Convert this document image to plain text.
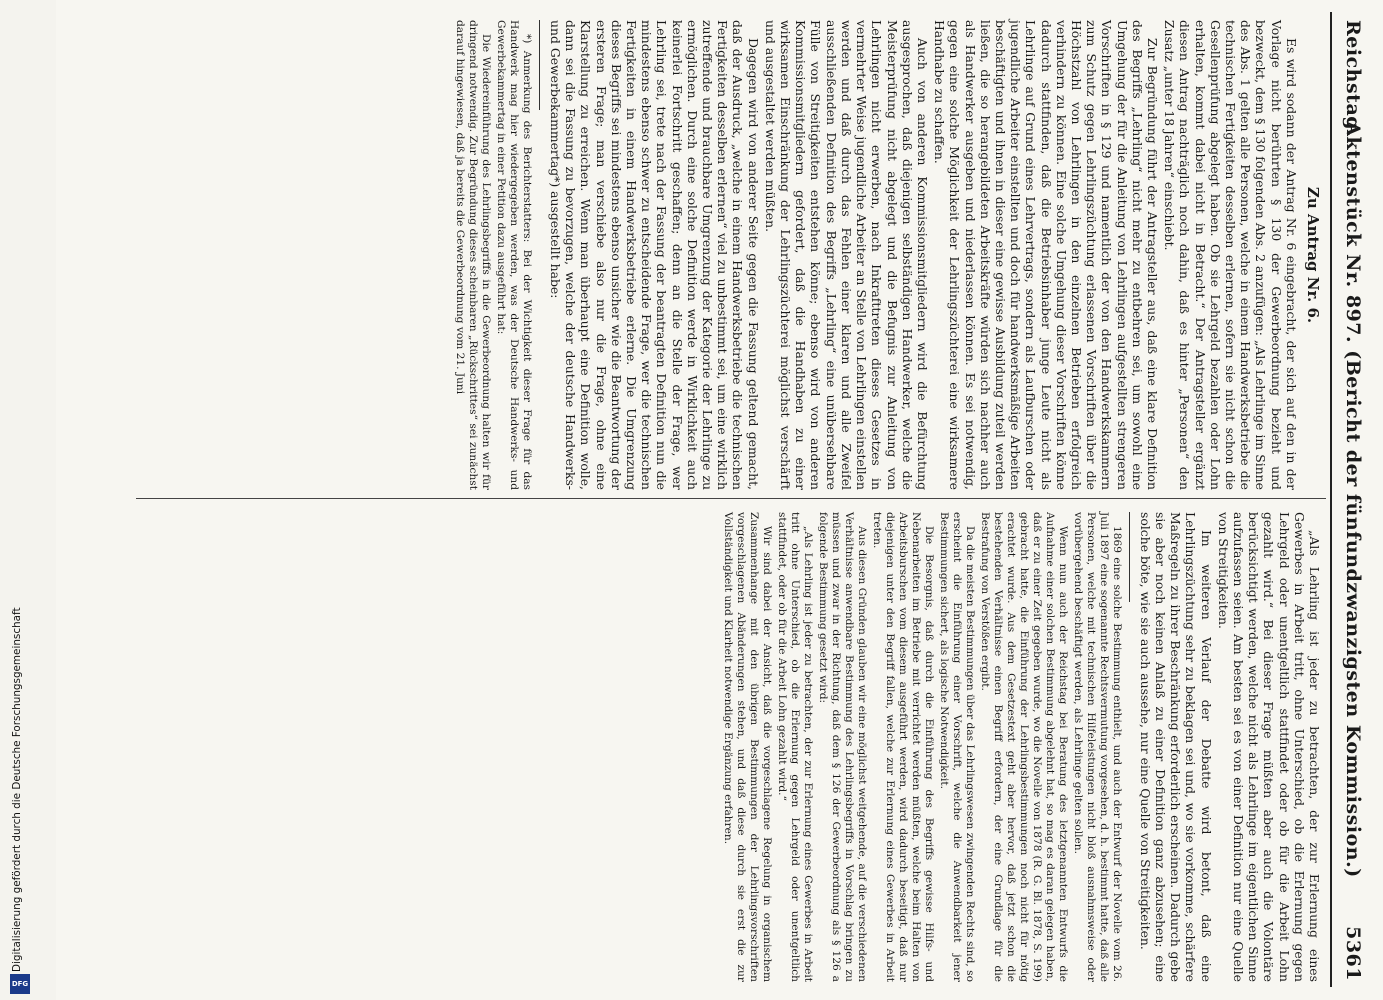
Digitalisierung gefördert durch die Deutsche Forschungsgemeinschaft
DFG
Reichstag.
Aktenstück Nr. 897. (Bericht der fünfundzwanzigsten Kommission.)
5361
Zu Antrag Nr. 6.

Es wird sodann der Antrag Nr. 6 eingebracht, der sich auf den in der Vorlage nicht berührten § 130 der Gewerbeordnung bezieht und bezweckt, dem § 130 folgenden Abs. 2 anzufügen: „Als Lehrlinge im Sinne des Abs. 1 gelten alle Personen, welche in einem Handwerksbetriebe die technischen Fertigkeiten desselben erlernen, sofern sie nicht schon die Gesellenprüfung abgelegt haben. Ob sie Lehrgeld bezahlen oder Lohn erhalten, kommt dabei nicht in Betracht.“ Der Antragsteller ergänzt diesen Antrag nachträglich noch dahin, daß es hinter „Personen“ den Zusatz „unter 18 Jahren“ einschiebt.

Zur Begründung führt der Antragsteller aus, daß eine klare Definition des Begriffs „Lehrling“ nicht mehr zu entbehren sei, um sowohl eine Umgehung der für die Anleitung von Lehrlingen aufgestellten strengeren Vorschriften in § 129 und namentlich der von den Handwerkskammern zum Schutz gegen Lehrlingszüchtung erlassenen Vorschriften über die Höchstzahl von Lehrlingen in den einzelnen Betrieben erfolgreich verhindern zu können. Eine solche Umgehung dieser Vorschriften könne dadurch stattfinden, daß die Betriebsinhaber junge Leute nicht als Lehrlinge auf Grund eines Lehrvertrags, sondern als Laufburschen oder jugendliche Arbeiter einstellten und doch für handwerksmäßige Arbeiten beschäftigten und ihnen in dieser eine gewisse Ausbildung zuteil werden ließen, die so herangebildeten Arbeitskräfte würden sich nachher auch als Handwerker ausgeben und niederlassen können. Es sei notwendig, gegen eine solche Möglichkeit der Lehrlingszüchterei eine wirksamere Handhabe zu schaffen.

Auch von anderen Kommissionsmitgliedern wird die Befürchtung ausgesprochen, daß diejenigen selbständigen Handwerker, welche die Meisterprüfung nicht abgelegt und die Befugnis zur Anleitung von Lehrlingen nicht erwerben, nach Inkrafttreten dieses Gesetzes in vermehrter Weise jugendliche Arbeiter an Stelle von Lehrlingen einstellen werden und daß durch das Fehlen einer klaren und alle Zweifel ausschließenden Definition des Begriffs „Lehrling“ eine unübersehbare Fülle von Streitigkeiten entstehen könne; ebenso wird von anderen Kommissionsmitgliedern gefordert, daß die Handhaben zu einer wirksamen Einschränkung der Lehrlingszüchterei möglichst verschärft und ausgestaltet werden müßten.

Dagegen wird von anderer Seite gegen die Fassung geltend gemacht, daß der Ausdruck, „welche in einem Handwerksbetriebe die technischen Fertigkeiten desselben erlernen“ viel zu unbestimmt sei, um eine wirklich zutreffende und brauchbare Umgrenzung der Kategorie der Lehrlinge zu ermöglichen. Durch eine solche Definition werde in Wirklichkeit auch keinerlei Fortschritt geschaffen; denn an die Stelle der Frage, wer Lehrling sei, trete nach der Fassung der beantragten Definition nun die mindestens ebenso schwer zu entscheidende Frage, wer die technischen Fertigkeiten in einem Handwerksbetriebe erlerne. Die Umgrenzung dieses Begriffs sei mindestens ebenso unsicher wie die Beantwortung der ersteren Frage; man verschiebe also nur die Frage, ohne eine Klarstellung zu erreichen. Wenn man überhaupt eine Definition wolle, dann sei die Fassung zu bevorzugen, welche der deutsche Handwerks- und Gewerbekammertag*) ausgestellt habe:

*) Anmerkung des Berichterstatters: Bei der Wichtigkeit dieser Frage für das Handwerk mag hier wiedergegeben werden, was der Deutsche Handwerks- und Gewerbekammertag in einer Petition dazu ausgeführt hat:

Die Wiedereinführung des Lehrlingsbegriffs in die Gewerbeordnung halten wir für dringend notwendig. Zur Begründung dieses scheinbaren „Rückschrittes“ sei zunächst darauf hingewiesen, daß ja bereits die Gewerbeordnung vom 21. Juni

„Als Lehrling ist jeder zu betrachten, der zur Erlernung eines Gewerbes in Arbeit tritt, ohne Unterschied, ob die Erlernung gegen Lehrgeld oder unentgeltlich stattfindet oder ob für die Arbeit Lohn gezahlt wird.“ Bei dieser Frage müßten aber auch die Volontäre berücksichtigt werden, welche nicht als Lehrlinge im eigentlichen Sinne aufzufassen seien. Am besten sei es von einer Definition nur eine Quelle von Streitigkeiten.

Im weiteren Verlauf der Debatte wird betont, daß eine Lehrlingszüchtung sehr zu beklagen sei und, wo sie vorkomme, schärfere Maßregeln zu ihrer Beschränkung erforderlich erscheinen. Dadurch gebe sie aber noch keinen Anlaß zu einer Definition ganz abzusehen; eine solche böte, wie sie auch aussehe, nur eine Quelle von Streitigkeiten.

1869 eine solche Bestimmung enthielt, und auch der Entwurf der Novelle vom 26. Juli 1897 eine sogenannte Rechtsvermutung vorgesehen, d. h. bestimmt hatte, daß alle Personen, welche mit technischen Hilfeleistungen nicht bloß ausnahmsweise oder vorübergehend beschäftigt werden, als Lehrlinge gelten sollen.

Wenn nun auch der Reichstag bei Beratung des letztgenannten Entwurfs die Aufnahme einer solchen Bestimmung abgelehnt hat, so mag es daran gelegen haben, daß er zu einer Zeit gegeben wurde, wo die Novelle von 1878 (R. G. Bl. 1878, S. 199) gebracht hatte, die Einführung der Lehrlingsbestimmungen noch nicht für nötig erachtet wurde. Aus dem Gesetzestext geht aber hervor, daß jetzt schon die bestehenden Verhältnisse einen Begriff erfordern, der eine Grundlage für die Bestrafung von Verstößen ergibt.

Da die meisten Bestimmungen über das Lehrlingswesen zwingenden Rechts sind, so erscheint die Einführung einer Vorschrift, welche die Anwendbarkeit jener Bestimmungen sichert, als logische Notwendigkeit.

Die Besorgnis, daß durch die Einführung des Begriffs gewisse Hilfs- und Nebenarbeiten im Betriebe mit verrichtet werden müßten, welche beim Halten von Arbeitsburschen vom diesem ausgeführt werden, wird dadurch beseitigt, daß nur diejenigen unter den Begriff fallen, welche zur Erlernung eines Gewerbes in Arbeit treten.

Aus diesen Gründen glauben wir eine möglichst weitgehende, auf die verschiedenen Verhältnisse anwendbare Bestimmung des Lehrlingsbegriffs in Vorschlag bringen zu müssen und zwar in der Richtung, daß dem § 126 der Gewerbeordnung als § 126 a folgende Bestimmung gesetzt wird:

„Als Lehrling ist jeder zu betrachten, der zur Erlernung eines Gewerbes in Arbeit tritt ohne Unterschied, ob die Erlernung gegen Lehrgeld oder unentgeltlich stattfindet, oder ob für die Arbeit Lohn gezahlt wird.“

Wir sind dabei der Ansicht, daß die vorgeschlagene Regelung in organischem Zusammenhange mit den übrigen Bestimmungen der Lehrlingsvorschriften vorgeschlagenen Abänderungen stehen, und daß diese durch sie erst die zur Vollständigkeit und Klarheit notwendige Ergänzung erfahren.
